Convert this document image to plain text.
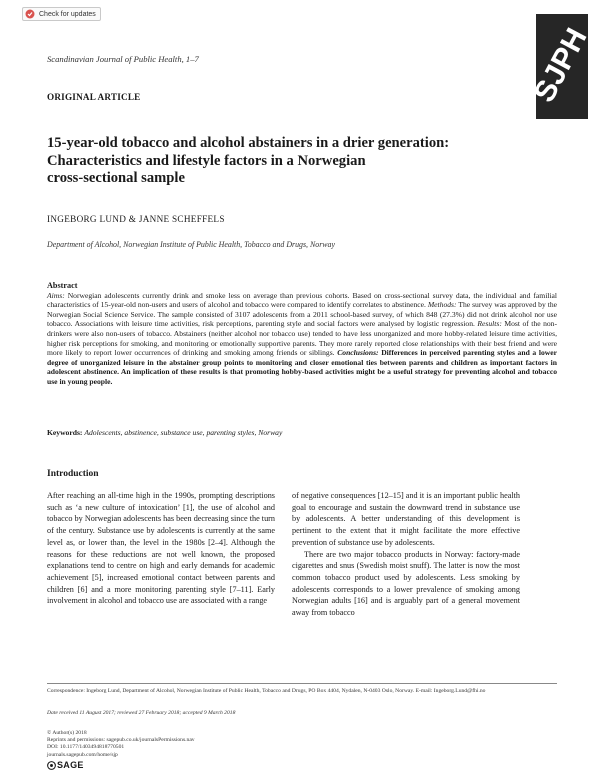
Check for updates
SJPH
Scandinavian Journal of Public Health, 1–7
ORIGINAL ARTICLE
15-year-old tobacco and alcohol abstainers in a drier generation:
Characteristics and lifestyle factors in a Norwegian
cross-sectional sample
INGEBORG LUND & JANNE SCHEFFELS
Department of Alcohol, Norwegian Institute of Public Health, Tobacco and Drugs, Norway
Abstract
Aims: Norwegian adolescents currently drink and smoke less on average than previous cohorts. Based on cross-sectional survey data, the individual and familial characteristics of 15-year-old non-users and users of alcohol and tobacco were compared to identify correlates to abstinence. Methods: The survey was approved by the Norwegian Social Science Service. The sample consisted of 3107 adolescents from a 2011 school-based survey, of which 848 (27.3%) did not drink alcohol nor use tobacco. Associations with leisure time activities, risk perceptions, parenting style and social factors were analysed by logistic regression. Results: Most of the non-drinkers were also non-users of tobacco. Abstainers (neither alcohol nor tobacco use) tended to have less unorganized and more hobby-related leisure time activities, higher risk perceptions for smoking, and monitoring or emotionally supportive parents. They more rarely reported close relationships with their best friend and were more likely to report lower occurrences of drinking and smoking among friends or siblings. Conclusions: Differences in perceived parenting styles and a lower degree of unorganized leisure in the abstainer group points to monitoring and closer emotional ties between parents and children as important factors in adolescent abstinence. An implication of these results is that promoting hobby-based activities might be a useful strategy for preventing alcohol and tobacco use in young people.
Keywords: Adolescents, abstinence, substance use, parenting styles, Norway
Introduction

After reaching an all-time high in the 1990s, prompting descriptions such as ‘a new culture of intoxication’ [1], the use of alcohol and tobacco by Norwegian adolescents has been decreasing since the turn of the century. Substance use by adolescents is currently at the same level as, or lower than, the level in the 1980s [2–4]. Although the reasons for these reductions are not well known, the proposed explanations tend to centre on high and early demands for academic achievement [5], increased emotional contact between parents and children [6] and a more monitoring parenting style [7–11]. Early involvement in alcohol and tobacco use are associated with a range

of negative consequences [12–15] and it is an important public health goal to encourage and sustain the downward trend in substance use by adolescents. A better understanding of this development is pertinent to the extent that it might facilitate the more effective prevention of substance use by adolescents.

There are two major tobacco products in Norway: factory-made cigarettes and snus (Swedish moist snuff). The latter is now the most common tobacco product used by adolescents. Less smoking by adolescents corresponds to a lower prevalence of smoking among Norwegian adults [16] and is arguably part of a general movement away from tobacco

Correspondence: Ingeborg Lund, Department of Alcohol, Norwegian Institute of Public Health, Tobacco and Drugs, PO Box 4404, Nydalen, N-0403 Oslo, Norway. E-mail: Ingeborg.Lund@fhi.no
Date received 11 August 2017; reviewed 27 February 2018; accepted 9 March 2018
© Author(s) 2018
Reprints and permissions: sagepub.co.uk/journalsPermissions.nav
DOI: 10.1177/1403494818770501
journals.sagepub.com/home/sjp
SAGE
